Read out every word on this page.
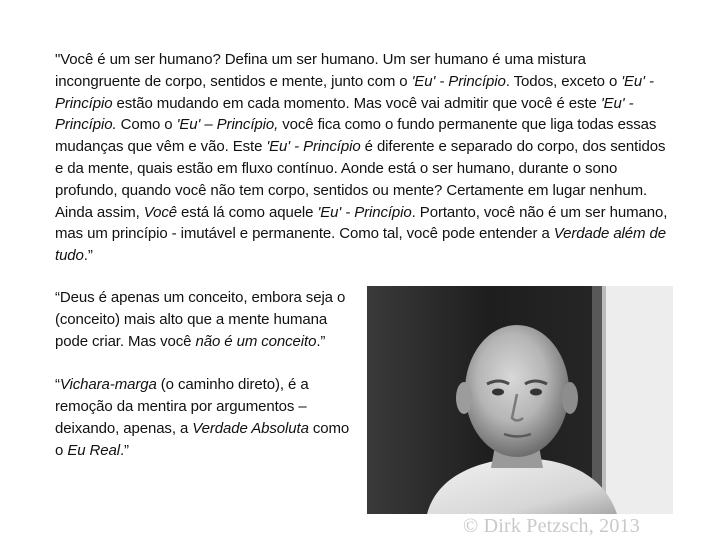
"Você é um ser humano? Defina um ser humano. Um ser humano é uma mistura incongruente de corpo, sentidos e mente, junto com o 'Eu' - Princípio. Todos, exceto o 'Eu' - Princípio estão mudando em cada momento. Mas você vai admitir que você é este 'Eu' - Princípio. Como o 'Eu' – Princípio, você fica como o fundo permanente que liga todas essas mudanças que vêm e vão. Este 'Eu' - Princípio é diferente e separado do corpo, dos sentidos e da mente, quais estão em fluxo contínuo. Aonde está o ser humano, durante o sono profundo, quando você não tem corpo, sentidos ou mente? Certamente em lugar nenhum. Ainda assim, Você está lá como aquele 'Eu' - Princípio. Portanto, você não é um ser humano, mas um princípio - imutável e permanente. Como tal, você pode entender a Verdade além de tudo.”

“Deus é apenas um conceito, embora seja o (conceito) mais alto que a mente humana pode criar. Mas você não é um conceito.”

“Vichara-marga (o caminho direto), é a remoção da mentira por argumentos – deixando, apenas, a Verdade Absoluta como o Eu Real.”

© Dirk Petzsch, 2013
